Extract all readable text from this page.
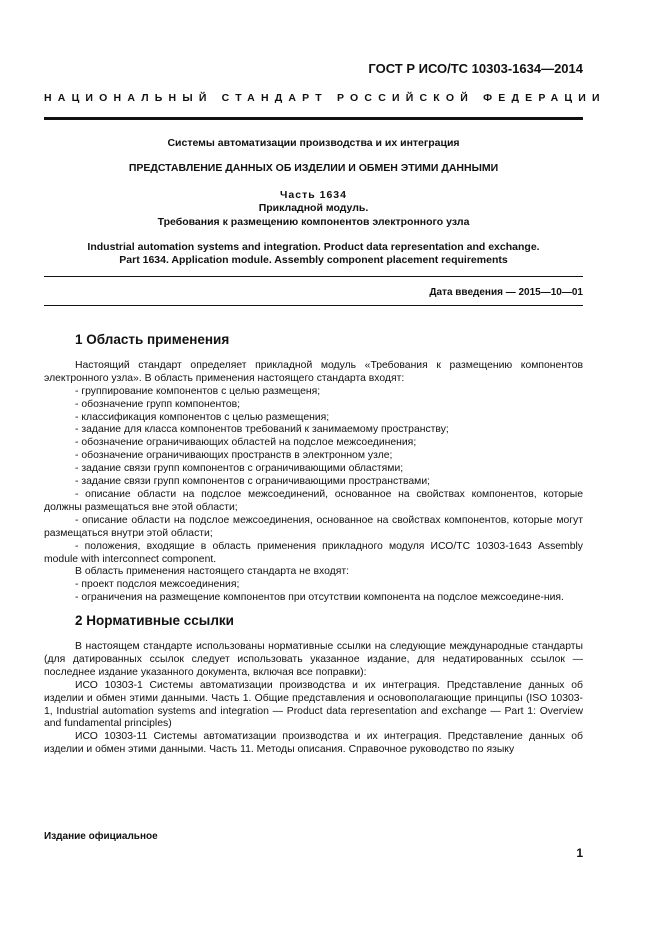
ГОСТ Р ИСО/ТС 10303-1634—2014
НАЦИОНАЛЬНЫЙ СТАНДАРТ РОССИЙСКОЙ ФЕДЕРАЦИИ
Системы автоматизации производства и их интеграция
ПРЕДСТАВЛЕНИЕ ДАННЫХ ОБ ИЗДЕЛИИ И ОБМЕН ЭТИМИ ДАННЫМИ
Часть 1634
Прикладной модуль.
Требования к размещению компонентов электронного узла
Industrial automation systems and integration. Product data representation and exchange.
Part 1634. Application module. Assembly component placement requirements
Дата введения — 2015—10—01
1 Область применения

Настоящий стандарт определяет прикладной модуль «Требования к размещению компонентов электронного узла». В область применения настоящего стандарта входят:

- группирование компонентов с целью размещеня;

- обозначение групп компонентов;

- классификация компонентов с целью размещения;

- задание для класса компонентов требований к занимаемому пространству;

- обозначение ограничивающих областей на подслое межсоединения;

- обозначение ограничивающих пространств в электронном узле;

- задание связи групп компонентов с ограничивающими областями;

- задание связи групп компонентов с ограничивающими пространствами;

- описание области на подслое межсоединений, основанное на свойствах компонентов, которые должны размещаться вне этой области;

- описание области на подслое межсоединения, основанное на свойствах компонентов, которые могут размещаться внутри этой области;

- положения, входящие в область применения прикладного модуля ИСО/ТС 10303-1643 Assembly module with interconnect component.

В область применения настоящего стандарта не входят:

- проект подслоя межсоединения;

- ограничения на размещение компонентов при отсутствии компонента на подслое межсоедине-ния.

2 Нормативные ссылки

В настоящем стандарте использованы нормативные ссылки на следующие международные стандарты (для датированных ссылок следует использовать указанное издание, для недатированных ссылок — последнее издание указанного документа, включая все поправки):

ИСО 10303-1 Системы автоматизации производства и их интеграция. Представление данных об изделии и обмен этими данными. Часть 1. Общие представления и основополагающие принципы (ISO 10303-1, Industrial automation systems and integration — Product data representation and exchange — Part 1: Overview and fundamental principles)

ИСО 10303-11 Системы автоматизации производства и их интеграция. Представление данных об изделии и обмен этими данными. Часть 11. Методы описания. Справочное руководство по языку

Издание официальное
1
